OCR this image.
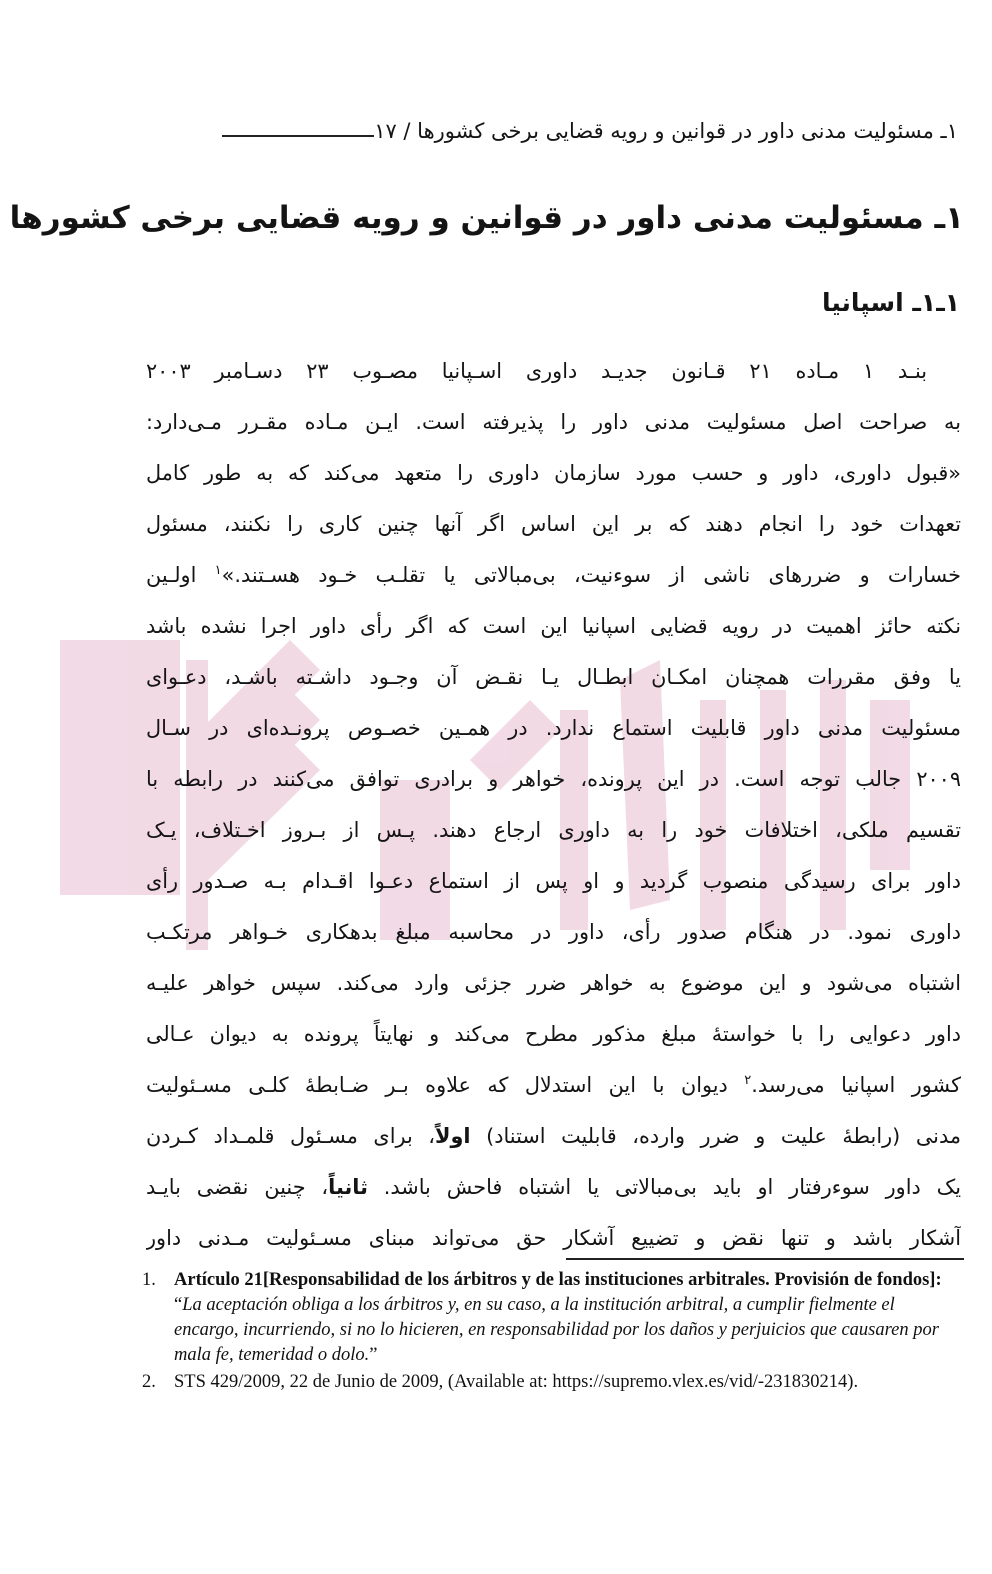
۱ـ مسئولیت مدنی داور در قوانین و رویه قضایی برخی کشورها / ۱۷
۱ـ مسئولیت مدنی داور در قوانین و رویه قضایی برخی کشورها
۱ـ۱ـ اسپانیا
بنـد ۱ مـاده ۲۱ قـانون جدیـد داوری اسـپانیا مصـوب ۲۳ دسـامبر ۲۰۰۳
به صراحت اصل مسئولیت مدنی داور را پذیرفته است. ایـن مـاده مقـرر مـی‌دارد:
«قبول داوری، داور و حسب مورد سازمان داوری را متعهد می‌کند که به طور کامل
تعهدات خود را انجام دهند که بر این اساس اگر آنها چنین کاری را نکنند، مسئول
خسارات و ضررهای ناشی از سوءنیت، بی‌مبالاتی یا تقلـب خـود هسـتند.»$^۱$ اولـین
نکته حائز اهمیت در رویه قضایی اسپانیا این است که اگر رأی داور اجرا نشده باشد
یا وفق مقررات همچنان امکـان ابطـال یـا نقـض آن وجـود داشـته باشـد، دعـوای
مسئولیت مدنی داور قابلیت استماع ندارد. در همـین خصـوص پرونـده‌ای در سـال
۲۰۰۹ جالب توجه است. در این پرونده، خواهر و برادری توافق می‌کنند در رابطه با
تقسیم ملکی، اختلافات خود را به داوری ارجاع دهند. پـس از بـروز اخـتلاف، یـک
داور برای رسیدگی منصوب گردید و او پس از استماع دعـوا اقـدام بـه صـدور رأی
داوری نمود. در هنگام صدور رأی، داور در محاسبه مبلغ بدهکاری خـواهر مرتکـب
اشتباه می‌شود و این موضوع به خواهر ضرر جزئی وارد می‌کند. سپس خواهر علیـه
داور دعوایی را با خواستهٔ مبلغ مذکور مطرح می‌کند و نهایتاً پرونده به دیوان عـالی
کشور اسپانیا می‌رسد.$^۲$ دیوان با این استدلال که علاوه بـر ضـابطهٔ کلـی مسـئولیت
مدنی (رابطهٔ علیت و ضرر وارده، قابلیت استناد) اولاً، برای مسـئول قلمـداد کـردن
یک داور سوءرفتار او باید بی‌مبالاتی یا اشتباه فاحش باشد. ثانیاً، چنین نقضی بایـد
آشکار باشد و تنها نقض و تضییع آشکار حق می‌تواند مبنای مسـئولیت مـدنی داور
1. Artículo 21[Responsabilidad de los árbitros y de las instituciones arbitrales. Provisión de fondos]: “La aceptación obliga a los árbitros y, en su caso, a la institución arbitral, a cumplir fielmente el encargo, incurriendo, si no lo hicieren, en responsabilidad por los daños y perjuicios que causaren por mala fe, temeridad o dolo.”
2. STS 429/2009, 22 de Junio de 2009, (Available at: https://supremo.vlex.es/vid/-231830214).
